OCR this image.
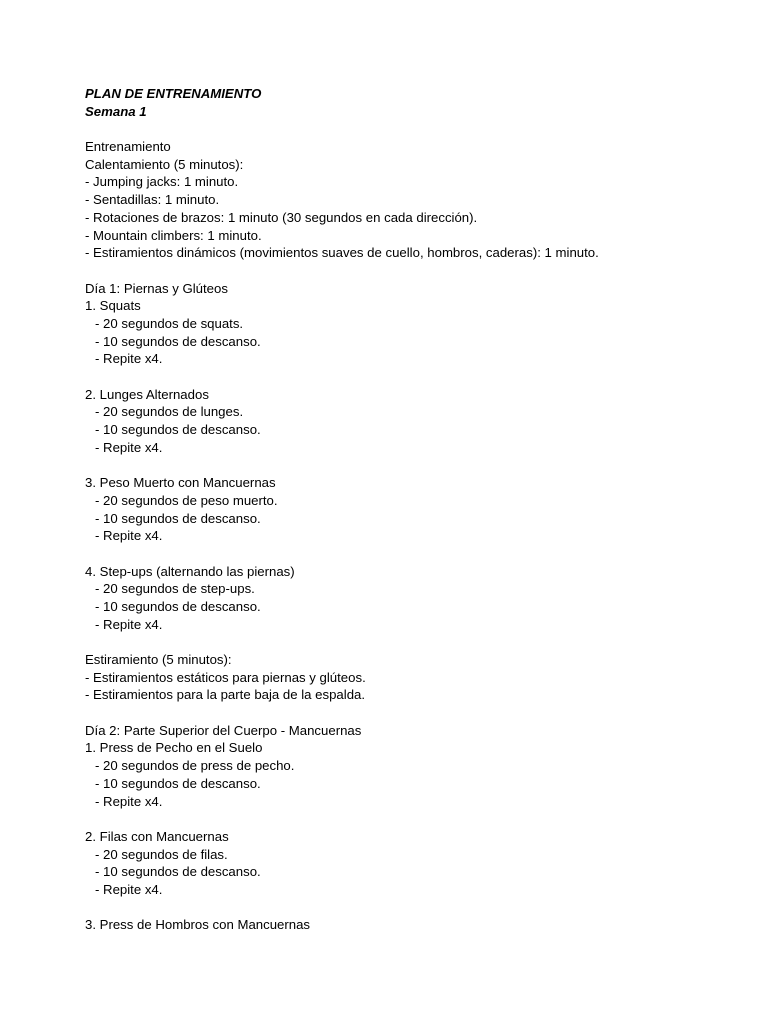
PLAN DE ENTRENAMIENTO
Semana 1
Entrenamiento
Calentamiento (5 minutos):
- Jumping jacks: 1 minuto.
- Sentadillas: 1 minuto.
- Rotaciones de brazos: 1 minuto (30 segundos en cada dirección).
- Mountain climbers: 1 minuto.
- Estiramientos dinámicos (movimientos suaves de cuello, hombros, caderas): 1 minuto.
Día 1: Piernas y Glúteos
1. Squats
- 20 segundos de squats.
- 10 segundos de descanso.
- Repite x4.
2. Lunges Alternados
- 20 segundos de lunges.
- 10 segundos de descanso.
- Repite x4.
3. Peso Muerto con Mancuernas
- 20 segundos de peso muerto.
- 10 segundos de descanso.
- Repite x4.
4. Step-ups (alternando las piernas)
- 20 segundos de step-ups.
- 10 segundos de descanso.
- Repite x4.
Estiramiento (5 minutos):
- Estiramientos estáticos para piernas y glúteos.
- Estiramientos para la parte baja de la espalda.
Día 2: Parte Superior del Cuerpo - Mancuernas
1. Press de Pecho en el Suelo
- 20 segundos de press de pecho.
- 10 segundos de descanso.
- Repite x4.
2. Filas con Mancuernas
- 20 segundos de filas.
- 10 segundos de descanso.
- Repite x4.
3. Press de Hombros con Mancuernas
